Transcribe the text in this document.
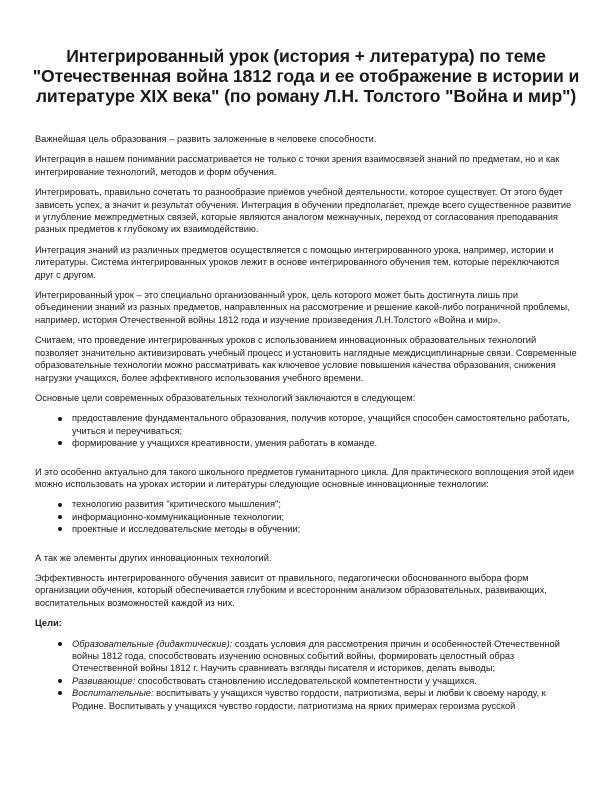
Интегрированный урок (история + литература) по теме "Отечественная война 1812 года и ее отображение в истории и литературе XIX века" (по роману Л.Н. Толстого "Война и мир")

Важнейшая цель образования – развить заложенные в человеке способности.

Интеграция в нашем понимании рассматривается не только с точки зрения взаимосвязей знаний по предметам, но и как интегрирование технологий, методов и форм обучения.

Интегрировать, правильно сочетать то разнообразие приёмов учебной деятельности, которое существует. От этого будет зависеть успех, а значит и результат обучения. Интеграция в обучении предполагает, прежде всего существенное развитие и углубление межпредметных связей, которые являются аналогом межнаучных, переход от согласования преподавания разных предметов к глубокому их взаимодействию.

Интеграция знаний из различных предметов осуществляется с помощью интегрированного урока, например, истории и литературы. Система интегрированных уроков лежит в основе интегрированного обучения тем, которые переключаются друг с другом.

Интегрированный урок – это специально организованный урок, цель которого может быть достигнута лишь при объединении знаний из разных предметов, направленных на рассмотрение и решение какой-либо пограничной проблемы, например, история Отечественной войны 1812 года и изучение произведения Л.Н.Толстого «Война и мир».

Считаем, что проведение интегрированных уроков с использованием инновационных образовательных технологий позволяет значительно активизировать учебный процесс и установить наглядные междисциплинарные связи. Современные образовательные технологии можно рассматривать как ключевое условие повышения качества образования, снижения нагрузки учащихся, более эффективного использования учебного времени.

Основные цели современных образовательных технологий заключаются в следующем:

предоставление фундаментального образования, получив которое, учащийся способен самостоятельно работать, учиться и переучиваться;
формирование у учащихся креативности, умения работать в команде.

И это особенно актуально для такого школьного предметов гуманитарного цикла. Для практического воплощения этой идеи можно использовать на уроках истории и литературы следующие основные инновационные технологии:

технологию развития "критического мышления";
информационно-коммуникационные технологии;
проектные и исследовательские методы в обучении;

А так же элементы других инновационных технологий.

Эффективность интегрированного обучения зависит от правильного, педагогически обоснованного выбора форм организации обучения, который обеспечивается глубоким и всесторонним анализом образовательных, развивающих, воспитательных возможностей каждой из них.

Цели:

Образовательные (дидактические): создать условия для рассмотрения причин и особенностей Отечественной войны 1812 года, способствовать изучению основных событий войны, формировать целостный образ Отечественной войны 1812 г. Научить сравнивать взгляды писателя и историков, делать выводы;
Развивающие: способствовать становлению исследовательской компетентности у учащихся.
Воспитательные: воспитывать у учащихся чувство гордости, патриотизма, веры и любви к своему народу, к Родине. Воспитывать у учащихся чувство гордости, патриотизма на ярких примерах героизма русской
